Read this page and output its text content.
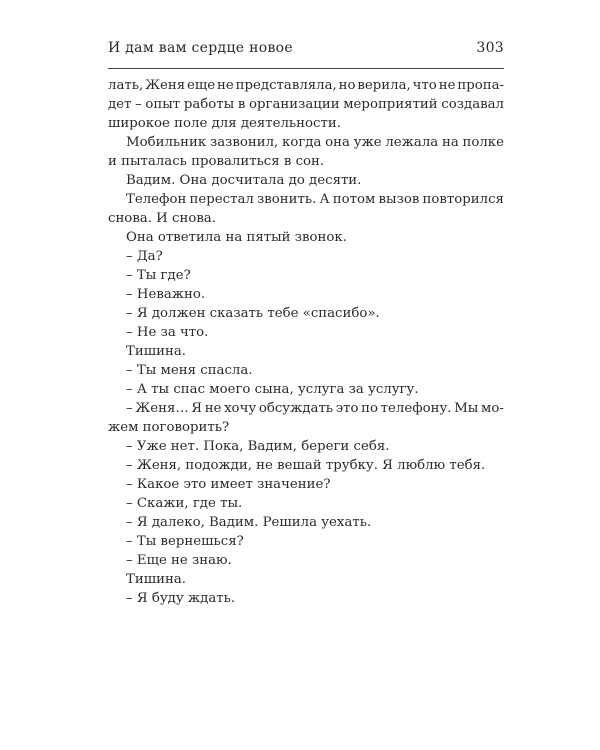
И дам вам сердце новое	303
лать, Женя еще не представляла, но верила, что не пропа-
дет – опыт работы в организации мероприятий создавал
широкое поле для деятельности.
Мобильник зазвонил, когда она уже лежала на полке
и пыталась провалиться в сон.
Вадим. Она досчитала до десяти.
Телефон перестал звонить. А потом вызов повторился
снова. И снова.
Она ответила на пятый звонок.
– Да?
– Ты где?
– Неважно.
– Я должен сказать тебе «спасибо».
– Не за что.
Тишина.
– Ты меня спасла.
– А ты спас моего сына, услуга за услугу.
– Женя… Я не хочу обсуждать это по телефону. Мы мо-
жем поговорить?
– Уже нет. Пока, Вадим, береги себя.
– Женя, подожди, не вешай трубку. Я люблю тебя.
– Какое это имеет значение?
– Скажи, где ты.
– Я далеко, Вадим. Решила уехать.
– Ты вернешься?
– Еще не знаю.
Тишина.
– Я буду ждать.
